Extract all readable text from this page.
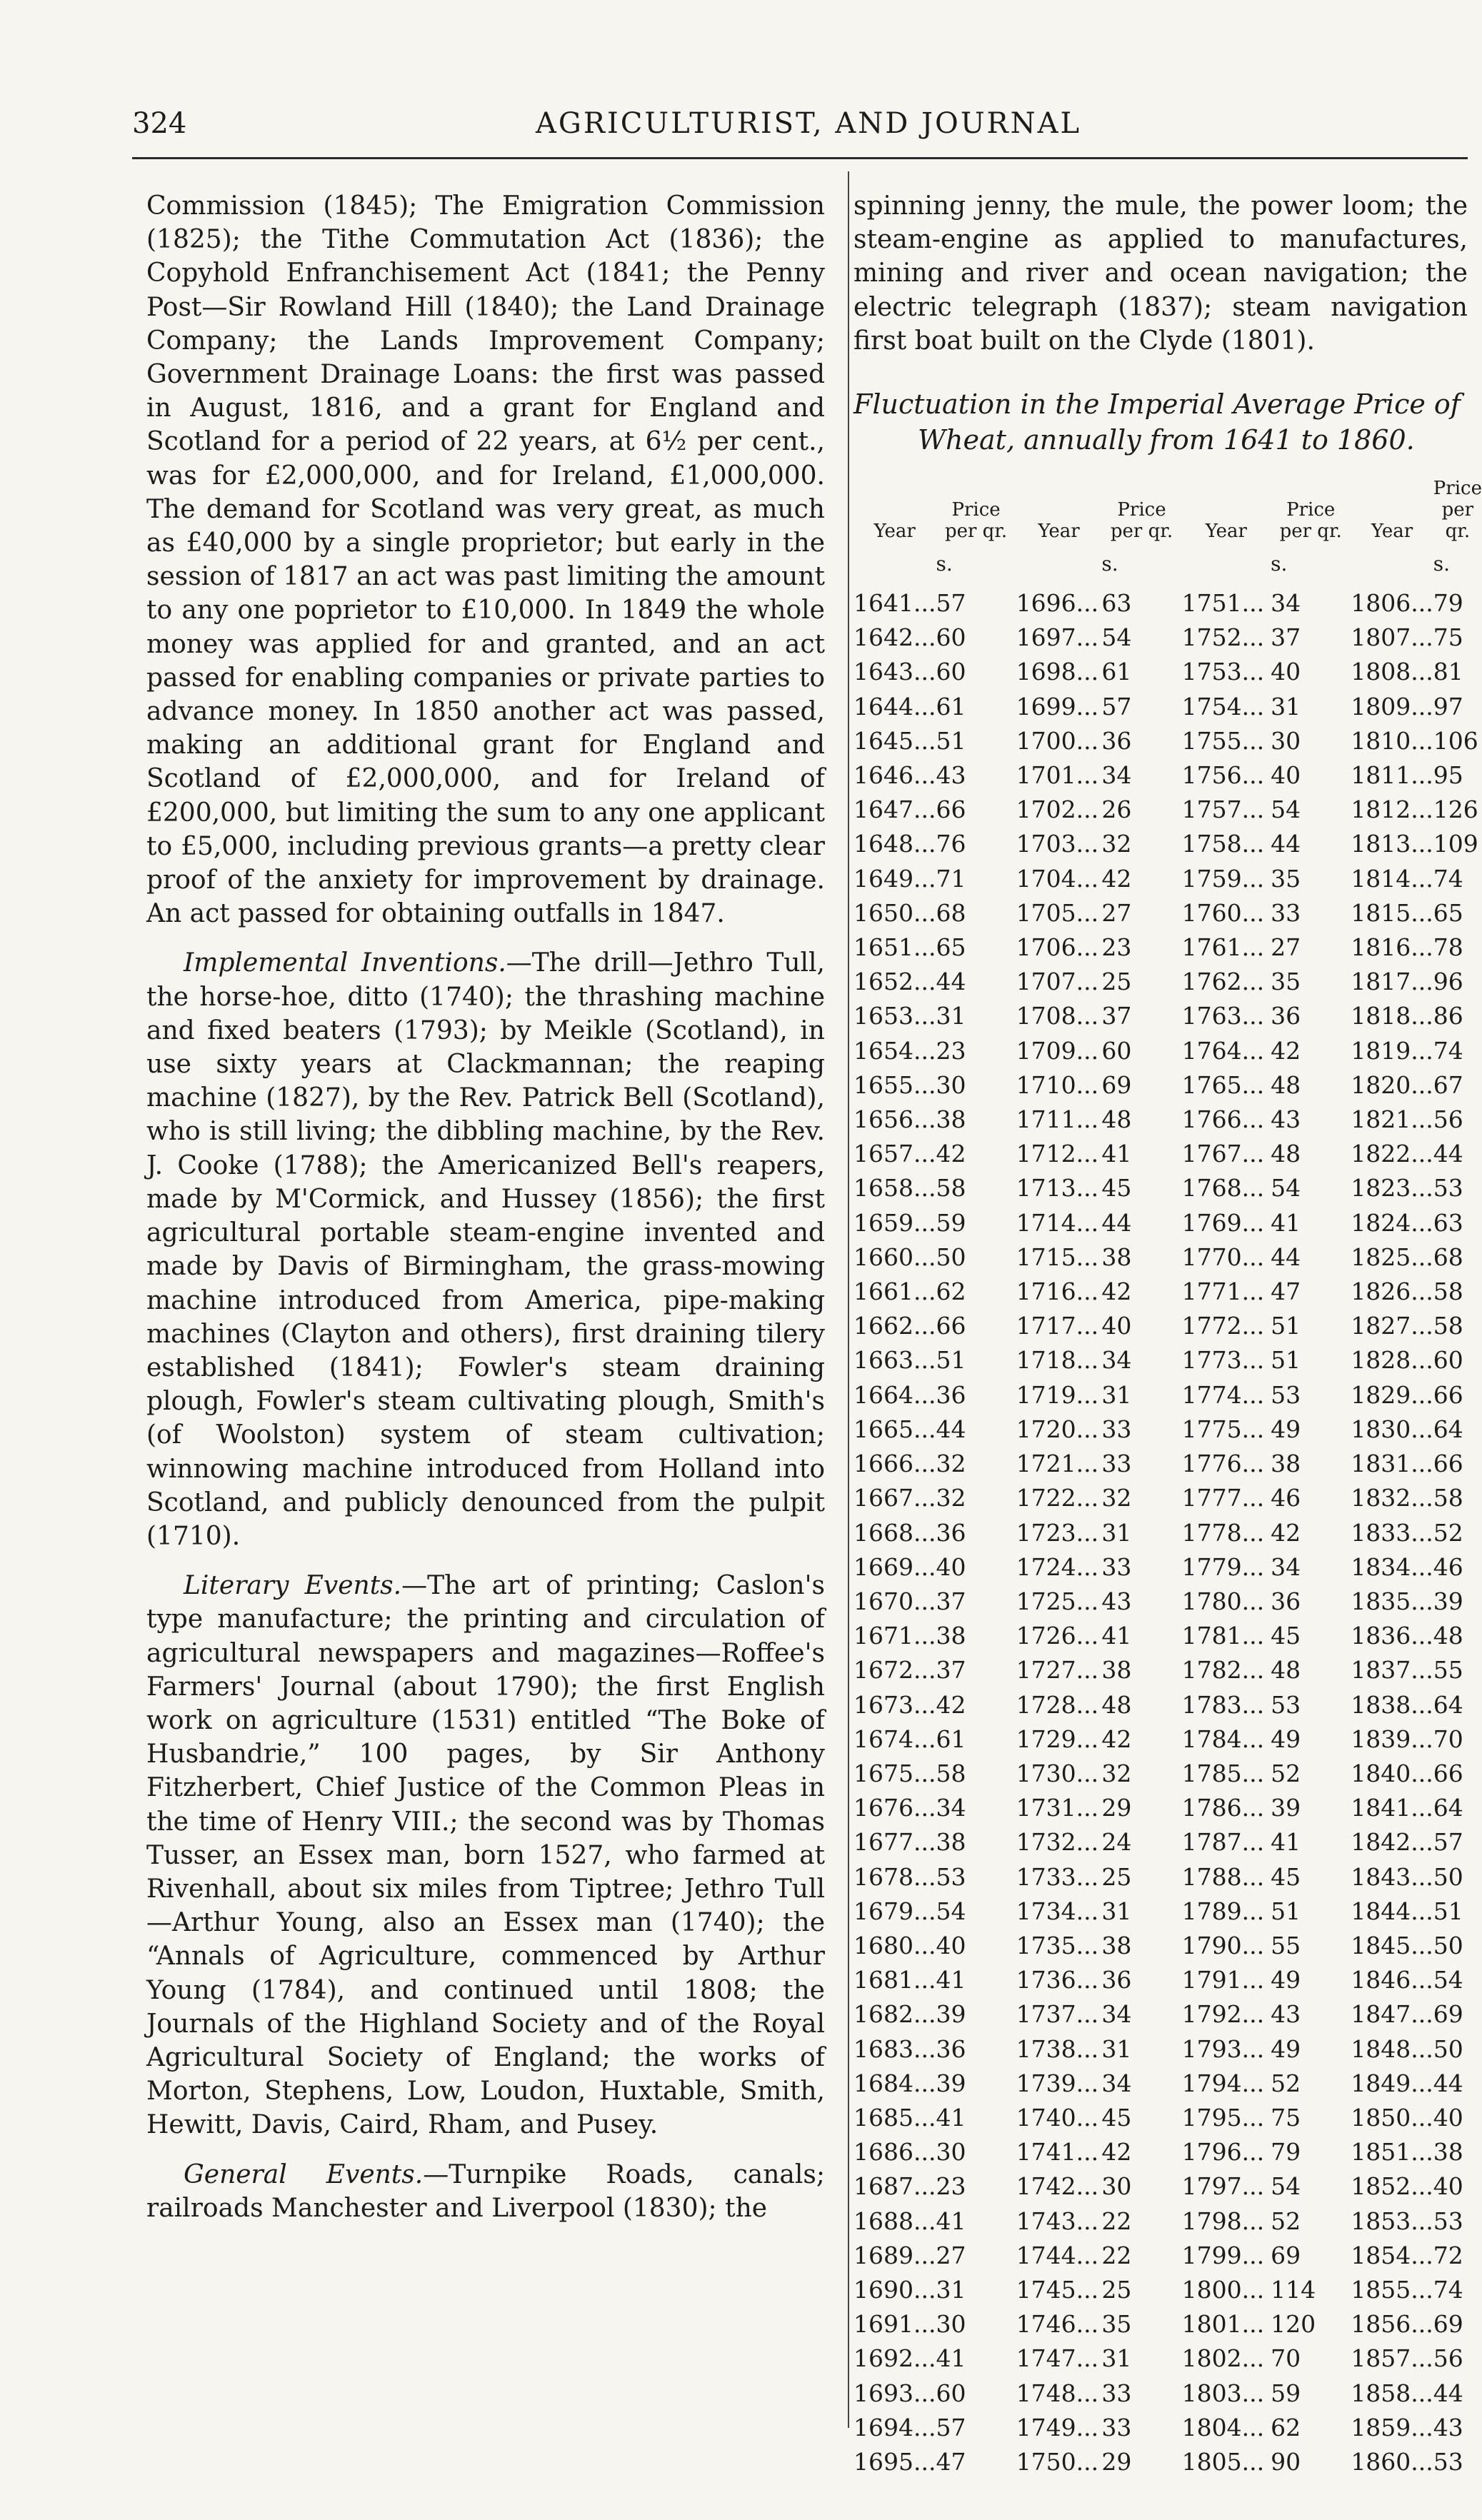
324	AGRICULTURIST, AND JOURNAL

Commission (1845); The Emigration Commission (1825); the Tithe Commutation Act (1836); the Copyhold Enfranchisement Act (1841; the Penny Post—Sir Rowland Hill (1840); the Land Drainage Company; the Lands Improvement Company; Government Drainage Loans: the first was passed in August, 1816, and a grant for England and Scotland for a period of 22 years, at 6½ per cent., was for £2,000,000, and for Ireland, £1,000,000. The demand for Scotland was very great, as much as £40,000 by a single proprietor; but early in the session of 1817 an act was past limiting the amount to any one poprietor to £10,000. In 1849 the whole money was applied for and granted, and an act passed for enabling companies or private parties to advance money. In 1850 another act was passed, making an additional grant for England and Scotland of £2,000,000, and for Ireland of £200,000, but limiting the sum to any one applicant to £5,000, including previous grants—a pretty clear proof of the anxiety for improvement by drainage. An act passed for obtaining outfalls in 1847.

Implemental Inventions.—The drill—Jethro Tull, the horse-hoe, ditto (1740); the thrashing machine and fixed beaters (1793); by Meikle (Scotland), in use sixty years at Clackmannan; the reaping machine (1827), by the Rev. Patrick Bell (Scotland), who is still living; the dibbling machine, by the Rev. J. Cooke (1788); the Americanized Bell's reapers, made by M'Cormick, and Hussey (1856); the first agricultural portable steam-engine invented and made by Davis of Birmingham, the grass-mowing machine introduced from America, pipe-making machines (Clayton and others), first draining tilery established (1841); Fowler's steam draining plough, Fowler's steam cultivating plough, Smith's (of Woolston) system of steam cultivation; winnowing machine introduced from Holland into Scotland, and publicly denounced from the pulpit (1710).

Literary Events.—The art of printing; Caslon's type manufacture; the printing and circulation of agricultural newspapers and magazines—Roffee's Farmers' Journal (about 1790); the first English work on agriculture (1531) entitled “The Boke of Husbandrie,” 100 pages, by Sir Anthony Fitzherbert, Chief Justice of the Common Pleas in the time of Henry VIII.; the second was by Thomas Tusser, an Essex man, born 1527, who farmed at Rivenhall, about six miles from Tiptree; Jethro Tull—Arthur Young, also an Essex man (1740); the “Annals of Agriculture, commenced by Arthur Young (1784), and continued until 1808; the Journals of the Highland Society and of the Royal Agricultural Society of England; the works of Morton, Stephens, Low, Loudon, Huxtable, Smith, Hewitt, Davis, Caird, Rham, and Pusey.

General Events.—Turnpike Roads, canals; railroads Manchester and Liverpool (1830); the

spinning jenny, the mule, the power loom; the steam-engine as applied to manufactures, mining and river and ocean navigation; the electric telegraph (1837); steam navigation first boat built on the Clyde (1801).

Fluctuation in the Imperial Average Price of
Wheat, annually from 1641 to 1860.
Year	Price per qr.	Year	Price per qr.	Year	Price per qr.	Year	Price per qr.
	s.		s.		s.		s.
1641...	57	1696...	63	1751...	34	1806...	79
1642...	60	1697...	54	1752...	37	1807...	75
1643...	60	1698...	61	1753...	40	1808...	81
1644...	61	1699...	57	1754...	31	1809...	97
1645...	51	1700...	36	1755...	30	1810...	106
1646...	43	1701...	34	1756...	40	1811...	95
1647...	66	1702...	26	1757...	54	1812...	126
1648...	76	1703...	32	1758...	44	1813...	109
1649...	71	1704...	42	1759...	35	1814...	74
1650...	68	1705...	27	1760...	33	1815...	65
1651...	65	1706...	23	1761...	27	1816...	78
1652...	44	1707...	25	1762...	35	1817...	96
1653...	31	1708...	37	1763...	36	1818...	86
1654...	23	1709...	60	1764...	42	1819...	74
1655...	30	1710...	69	1765...	48	1820...	67
1656...	38	1711...	48	1766...	43	1821...	56
1657...	42	1712...	41	1767...	48	1822...	44
1658...	58	1713...	45	1768...	54	1823...	53
1659...	59	1714...	44	1769...	41	1824...	63
1660...	50	1715...	38	1770...	44	1825...	68
1661...	62	1716...	42	1771...	47	1826...	58
1662...	66	1717...	40	1772...	51	1827...	58
1663...	51	1718...	34	1773...	51	1828...	60
1664...	36	1719...	31	1774...	53	1829...	66
1665...	44	1720...	33	1775...	49	1830...	64
1666...	32	1721...	33	1776...	38	1831...	66
1667...	32	1722...	32	1777...	46	1832...	58
1668...	36	1723...	31	1778...	42	1833...	52
1669...	40	1724...	33	1779...	34	1834...	46
1670...	37	1725...	43	1780...	36	1835...	39
1671...	38	1726...	41	1781...	45	1836...	48
1672...	37	1727...	38	1782...	48	1837...	55
1673...	42	1728...	48	1783...	53	1838...	64
1674...	61	1729...	42	1784...	49	1839...	70
1675...	58	1730...	32	1785...	52	1840...	66
1676...	34	1731...	29	1786...	39	1841...	64
1677...	38	1732...	24	1787...	41	1842...	57
1678...	53	1733...	25	1788...	45	1843...	50
1679...	54	1734...	31	1789...	51	1844...	51
1680...	40	1735...	38	1790...	55	1845...	50
1681...	41	1736...	36	1791...	49	1846...	54
1682...	39	1737...	34	1792...	43	1847...	69
1683...	36	1738...	31	1793...	49	1848...	50
1684...	39	1739...	34	1794...	52	1849...	44
1685...	41	1740...	45	1795...	75	1850...	40
1686...	30	1741...	42	1796...	79	1851...	38
1687...	23	1742...	30	1797...	54	1852...	40
1688...	41	1743...	22	1798...	52	1853...	53
1689...	27	1744...	22	1799...	69	1854...	72
1690...	31	1745...	25	1800...	114	1855...	74
1691...	30	1746...	35	1801...	120	1856...	69
1692...	41	1747...	31	1802...	70	1857...	56
1693...	60	1748...	33	1803...	59	1858...	44
1694...	57	1749...	33	1804...	62	1859...	43
1695...	47	1750...	29	1805...	90	1860...	53
